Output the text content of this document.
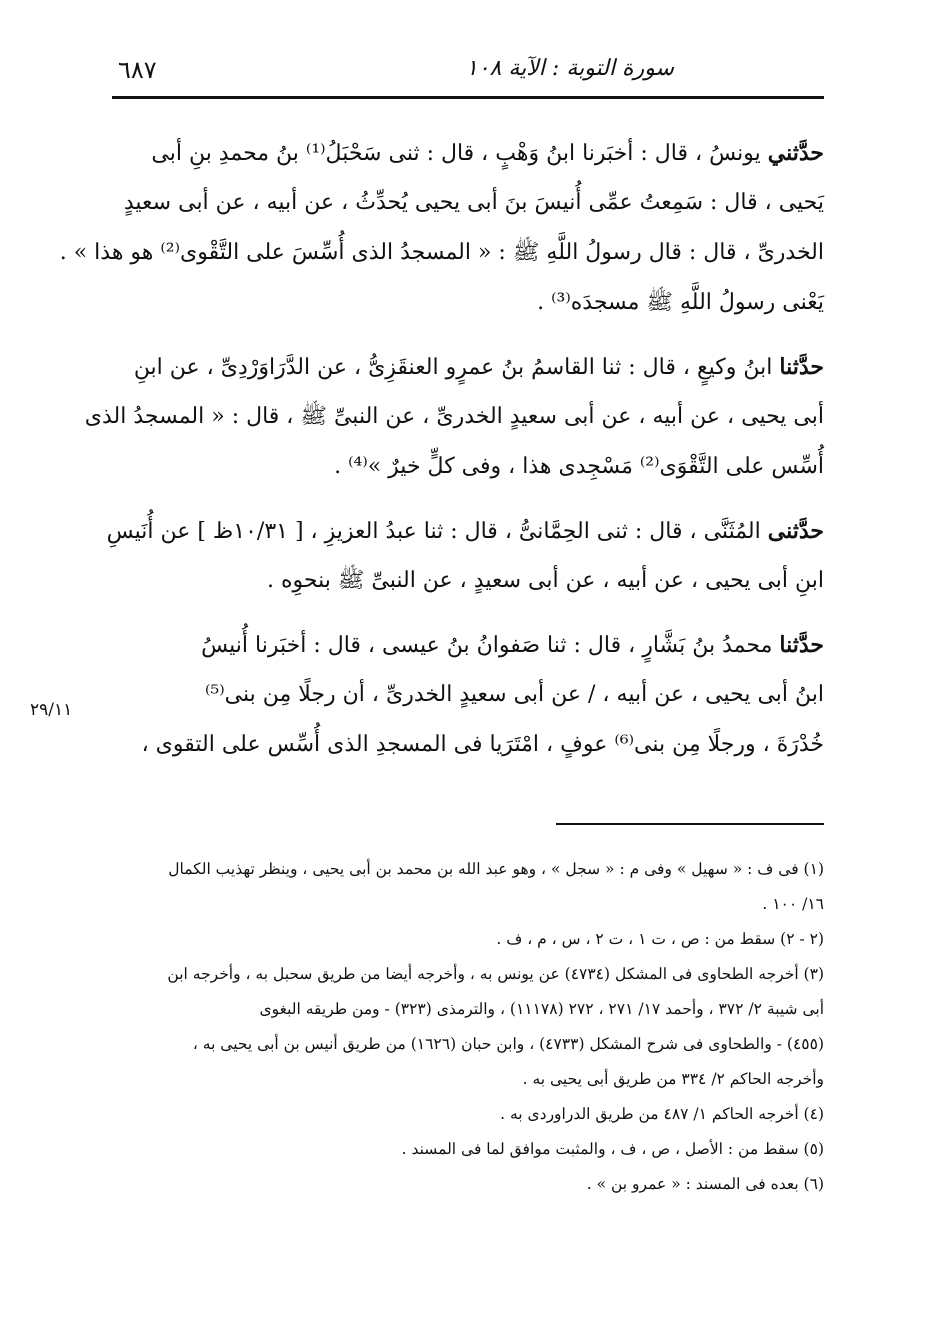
٦٨٧	سورة التوبة : الآية ١٠٨

حدَّثني يونسُ ، قال : أخبَرنا ابنُ وَهْبٍ ، قال : ثنى سَحْبَلُ⁽¹⁾ بنُ محمدِ بنِ أبى
يَحيى ، قال : سَمِعتُ عمِّى أُنيسَ بنَ أبى يحيى يُحدِّثُ ، عن أبيه ، عن أبى سعيدٍ
الخدرىِّ ، قال : قال رسولُ اللَّهِ ﷺ : « المسجدُ الذى أُسِّسَ على التَّقْوى⁽²⁾ هو هذا » .
يَعْنى رسولُ اللَّهِ ﷺ مسجدَه⁽³⁾ .

حدَّثنا ابنُ وكيعٍ ، قال : ثنا القاسمُ بنُ عمرٍو العنقَزِىُّ ، عن الدَّرَاوَرْدِىِّ ، عن ابنِ
أبى يحيى ، عن أبيه ، عن أبى سعيدٍ الخدرىِّ ، عن النبىِّ ﷺ ، قال : « المسجدُ الذى
أُسِّس على التَّقْوَى⁽²⁾ مَسْجِدى هذا ، وفى كلٍّ خيرٌ »⁽⁴⁾ .

حدَّثنى المُثَنَّى ، قال : ثنى الحِمَّانىُّ ، قال : ثنا عبدُ العزيزِ ، [ ١٠/٣١ظ ] عن أُنَيسِ
ابنِ أبى يحيى ، عن أبيه ، عن أبى سعيدٍ ، عن النبىِّ ﷺ بنحوِه .

حدَّثنا محمدُ بنُ بَشَّارٍ ، قال : ثنا صَفوانُ بنُ عيسى ، قال : أخبَرنا أُنيسُ
ابنُ أبى يحيى ، عن أبيه ، / عن أبى سعيدٍ الخدرىِّ ، أن رجلًا مِن بنى⁽⁵⁾
خُدْرَةَ ، ورجلًا مِن بنى⁽⁶⁾ عوفٍ ، امْتَرَيا فى المسجدِ الذى أُسِّس على التقوى ،

٢٩/١١
(١) فى ف : « سهيل » وفى م : « سجل » ، وهو عبد الله بن محمد بن أبى يحيى ، وينظر تهذيب الكمال
١٦/ ١٠٠ .
(٢ - ٢) سقط من : ص ، ت ١ ، ت ٢ ، س ، م ، ف .
(٣) أخرجه الطحاوى فى المشكل (٤٧٣٤) عن يونس به ، وأخرجه أيضا من طريق سحبل به ، وأخرجه ابن
أبى شيبة ٢/ ٣٧٢ ، وأحمد ١٧/ ٢٧١ ، ٢٧٢ (١١١٧٨) ، والترمذى (٣٢٣) - ومن طريقه البغوى
(٤٥٥) - والطحاوى فى شرح المشكل (٤٧٣٣) ، وابن حبان (١٦٢٦) من طريق أنيس بن أبى يحيى به ،
وأخرجه الحاكم ٢/ ٣٣٤ من طريق أبى يحيى به .
(٤) أخرجه الحاكم ١/ ٤٨٧ من طريق الدراوردى به .
(٥) سقط من : الأصل ، ص ، ف ، والمثبت موافق لما فى المسند .
(٦) بعده فى المسند : « عمرو بن » .
